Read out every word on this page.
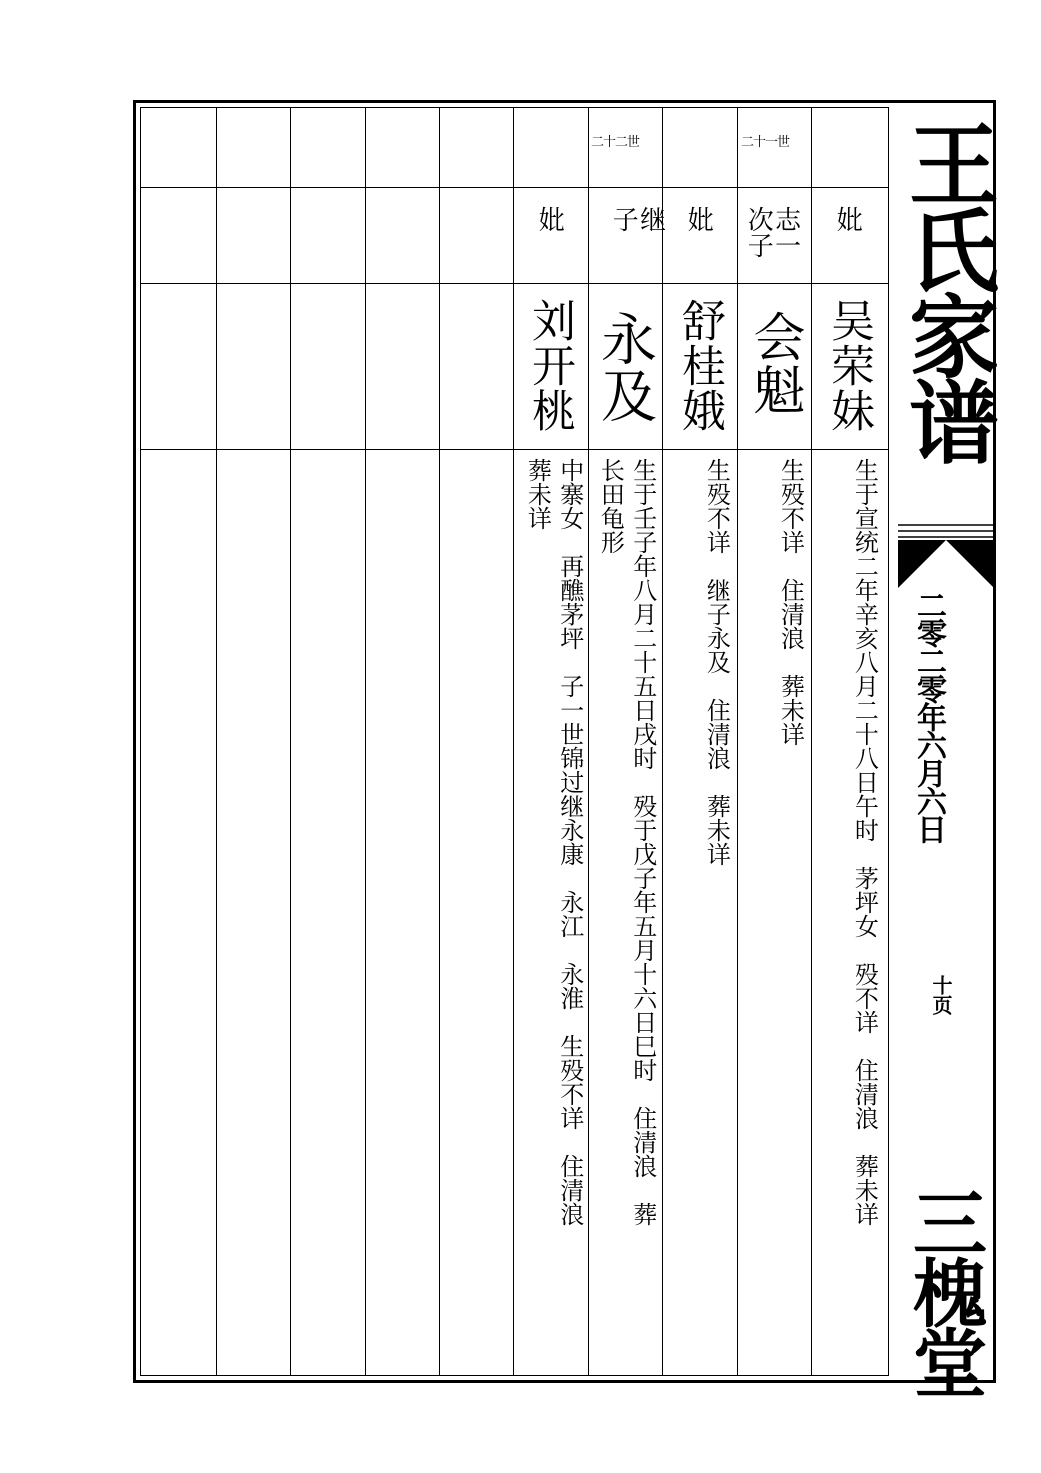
妣
吴荣妹
生于宣统二年辛亥八月二十八日午时　茅坪女　殁不详　住清浪　葬未详
二十一世
志一
次子
会魁
生殁不详　住清浪　葬未详
妣
舒桂娥
生殁不详　继子永及　住清浪　葬未详
二十二世
继
子
永及
生于壬子年八月二十五日戌时　殁于戊子年五月十六日巳时　住清浪　葬
长田龟形
妣
刘开桃
中寨女　再醮茅坪　子一世锦过继永康　永江　永淮　生殁不详　住清浪
葬未详
王氏家谱
二零二零年六月六日
十页
三槐堂
